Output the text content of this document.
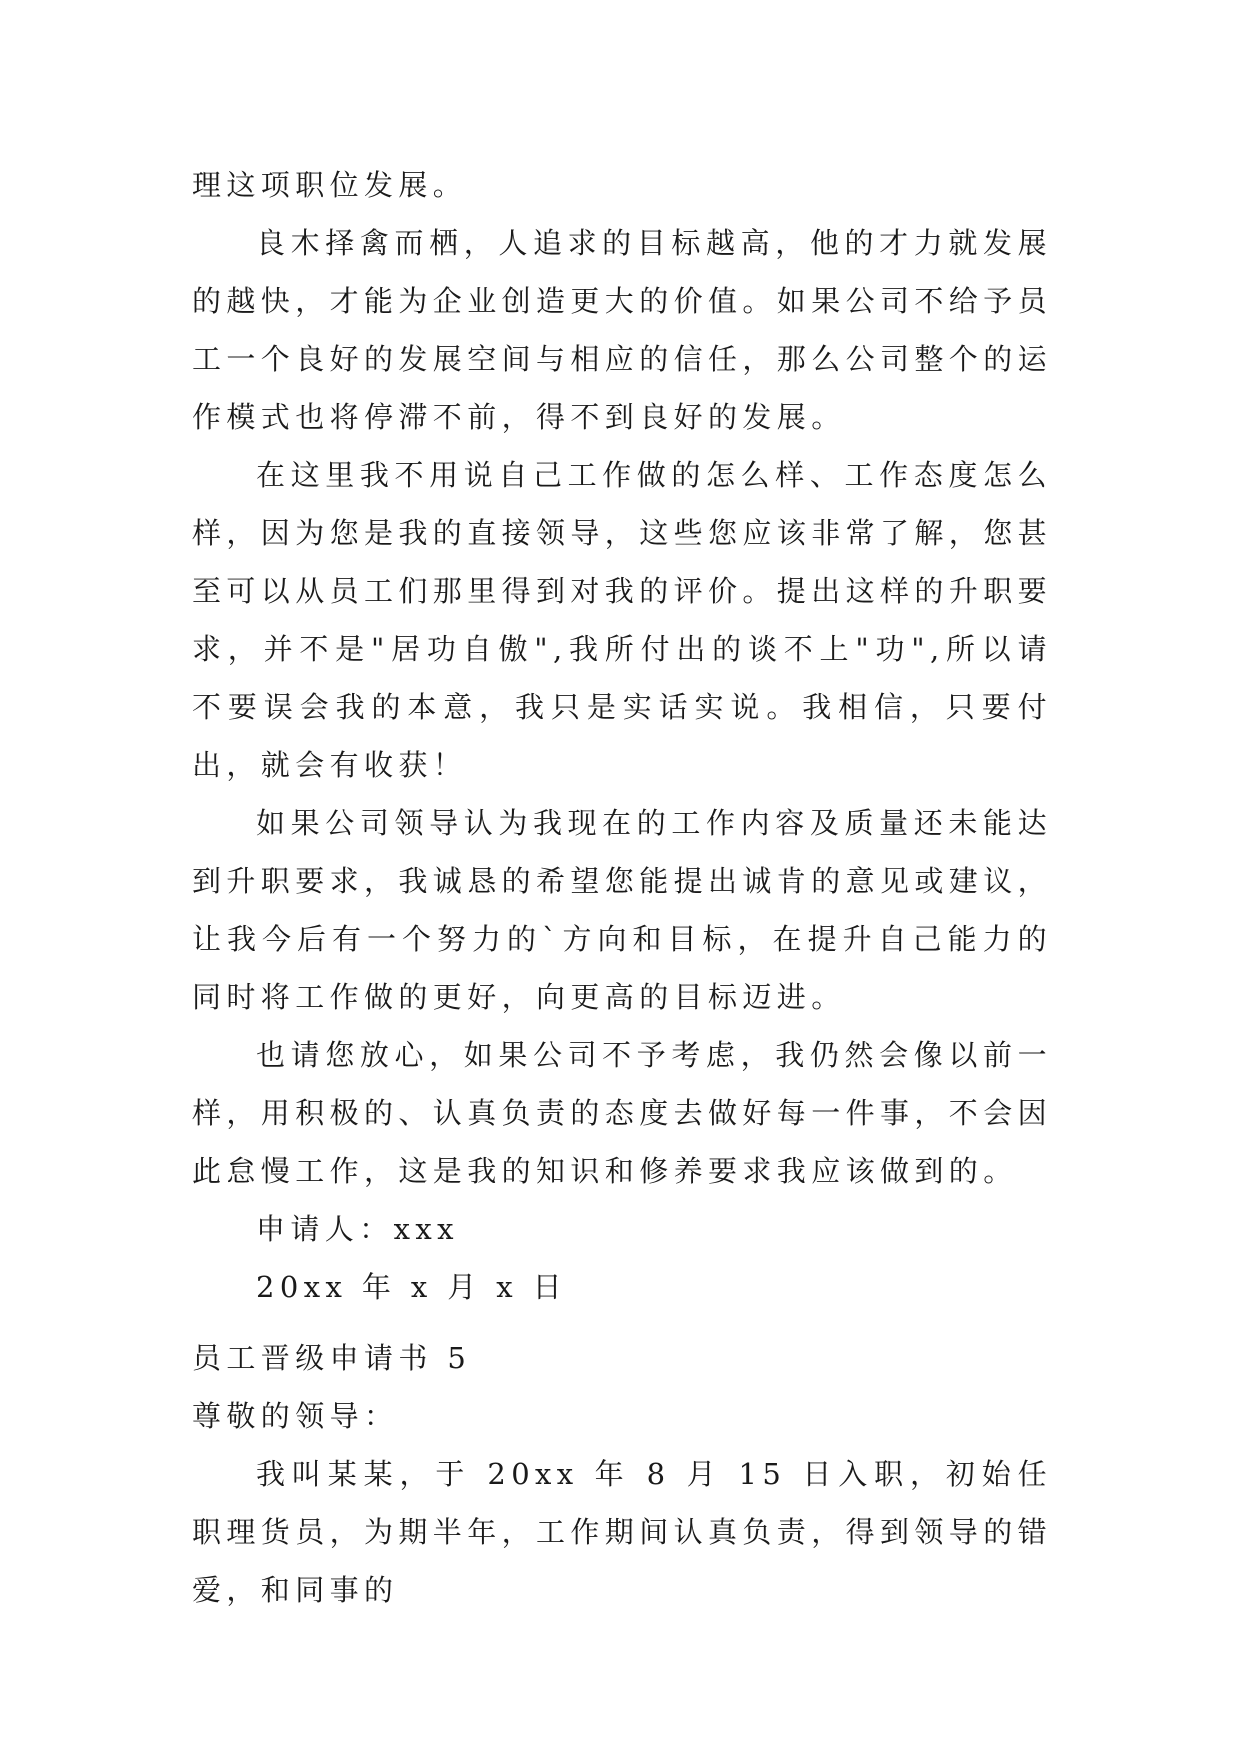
理这项职位发展。

良木择禽而栖，人追求的目标越高，他的才力就发展的越快，才能为企业创造更大的价值。如果公司不给予员工一个良好的发展空间与相应的信任，那么公司整个的运作模式也将停滞不前，得不到良好的发展。

在这里我不用说自己工作做的怎么样、工作态度怎么样，因为您是我的直接领导，这些您应该非常了解，您甚至可以从员工们那里得到对我的评价。提出这样的升职要求，并不是"居功自傲",我所付出的谈不上"功",所以请不要误会我的本意，我只是实话实说。我相信，只要付出，就会有收获！

如果公司领导认为我现在的工作内容及质量还未能达到升职要求，我诚恳的希望您能提出诚肯的意见或建议，让我今后有一个努力的`方向和目标，在提升自己能力的同时将工作做的更好，向更高的目标迈进。

也请您放心，如果公司不予考虑，我仍然会像以前一样，用积极的、认真负责的态度去做好每一件事，不会因此怠慢工作，这是我的知识和修养要求我应该做到的。

申请人：xxx

20xx 年 x 月 x 日

员工晋级申请书 5

尊敬的领导：

我叫某某，于 20xx 年 8 月 15 日入职，初始任职理货员，为期半年，工作期间认真负责，得到领导的错爱，和同事的
